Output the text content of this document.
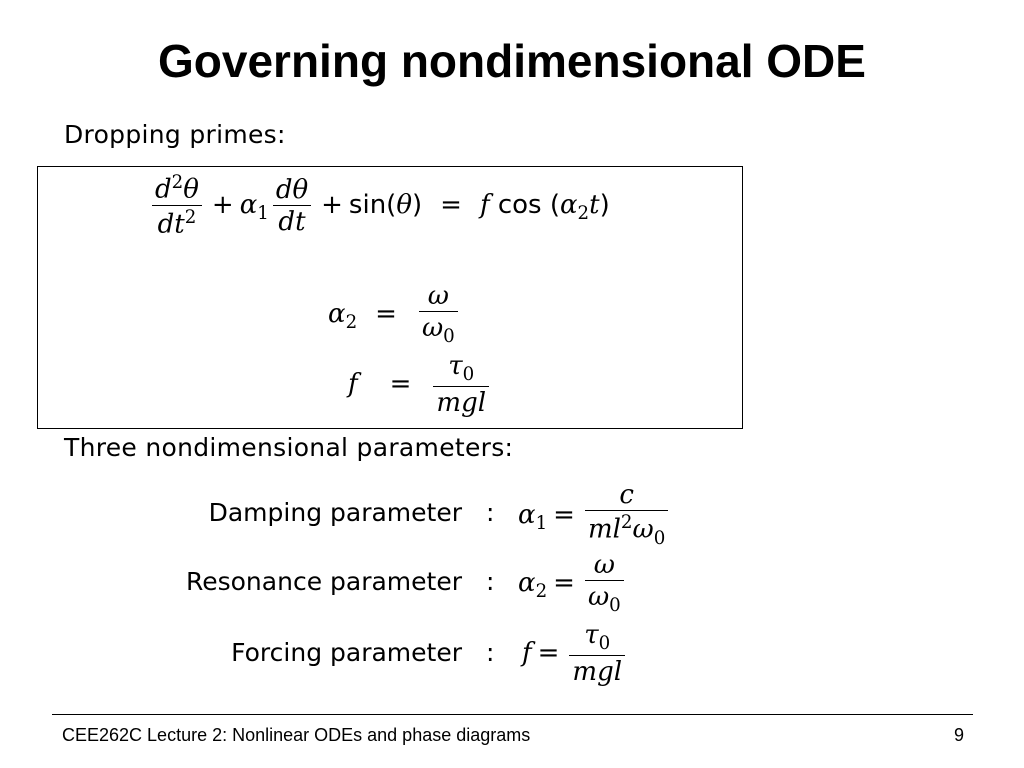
Governing nondimensional ODE
Dropping primes:
$\frac{d^2\theta}{dt^2} + \alpha_1 \frac{d\theta}{dt} + \sin(\theta) = f$ $\cos (\alpha_2t)$
$\alpha_2 = \frac{\omega}{\omega_0}$
$f = \frac{\tau_0}{\text{mgl}}$
Three nondimensional parameters:
Damping parameter : $\alpha_1 = \frac{c}{ml^2\omega_0}$
Resonance parameter : $\alpha_2 = \frac{\omega}{\omega_0}$
Forcing parameter : $f = \frac{\tau_0}{\text{mgl}}$
CEE262C Lecture 2: Nonlinear ODEs and phase diagrams	9
